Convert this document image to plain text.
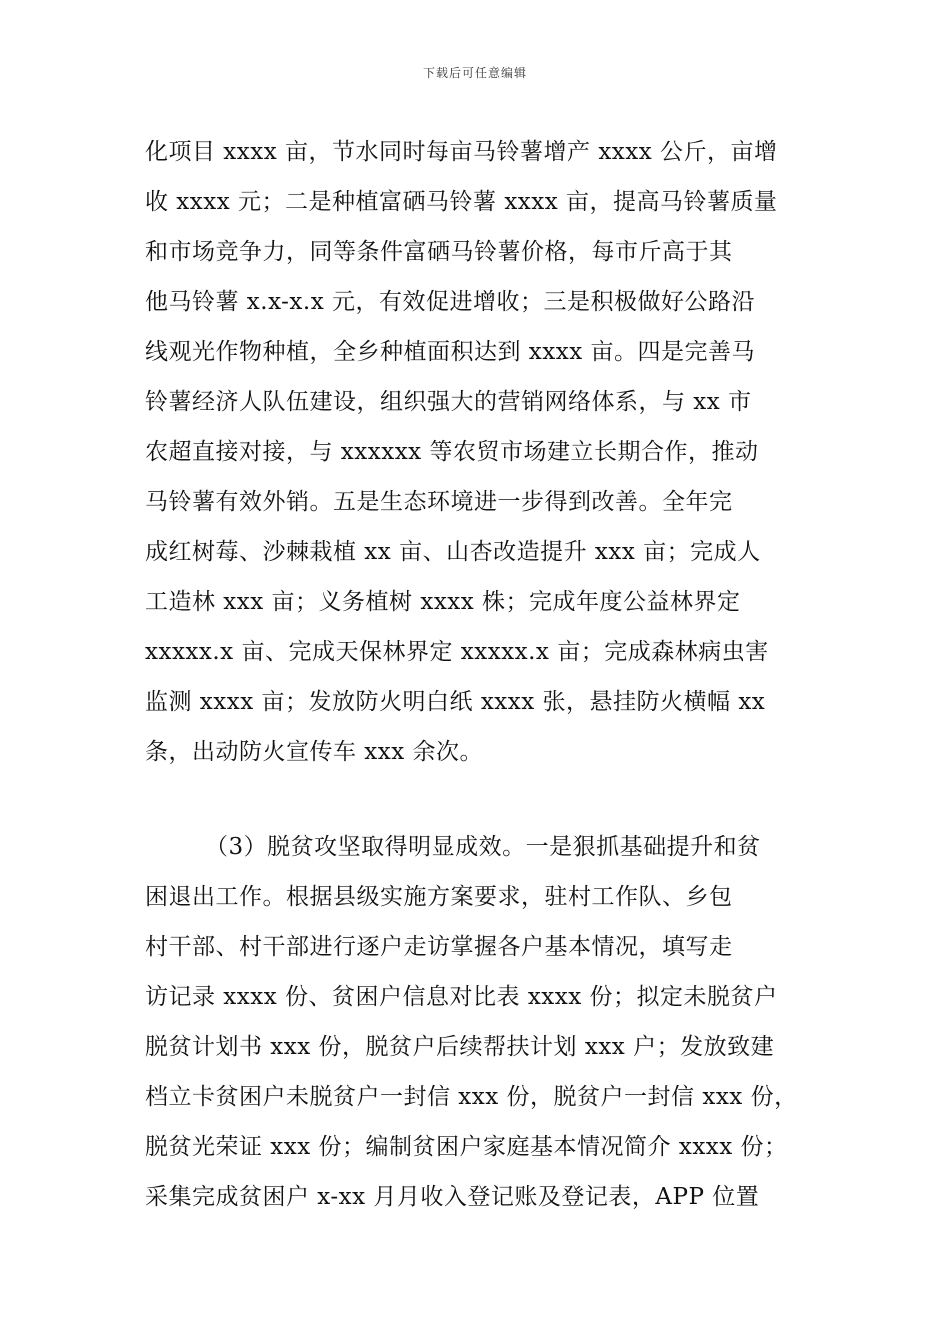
下载后可任意编辑
化项目 xxxx 亩，节水同时每亩马铃薯增产 xxxx 公斤，亩增
收 xxxx 元；二是种植富硒马铃薯 xxxx 亩，提高马铃薯质量
和市场竞争力，同等条件富硒马铃薯价格，每市斤高于其
他马铃薯 x.x-x.x 元，有效促进增收；三是积极做好公路沿
线观光作物种植，全乡种植面积达到 xxxx 亩。四是完善马
铃薯经济人队伍建设，组织强大的营销网络体系，与 xx 市
农超直接对接，与 xxxxxx 等农贸市场建立长期合作，推动
马铃薯有效外销。五是生态环境进一步得到改善。全年完
成红树莓、沙棘栽植 xx 亩、山杏改造提升 xxx 亩；完成人
工造林 xxx 亩；义务植树 xxxx 株；完成年度公益林界定
xxxxx.x 亩、完成天保林界定 xxxxx.x 亩；完成森林病虫害
监测 xxxx 亩；发放防火明白纸 xxxx 张，悬挂防火横幅 xx
条，出动防火宣传车 xxx 余次。
（3）脱贫攻坚取得明显成效。一是狠抓基础提升和贫
困退出工作。根据县级实施方案要求，驻村工作队、乡包
村干部、村干部进行逐户走访掌握各户基本情况，填写走
访记录 xxxx 份、贫困户信息对比表 xxxx 份；拟定未脱贫户
脱贫计划书 xxx 份，脱贫户后续帮扶计划 xxx 户；发放致建
档立卡贫困户未脱贫户一封信 xxx 份，脱贫户一封信 xxx 份，
脱贫光荣证 xxx 份；编制贫困户家庭基本情况简介 xxxx 份；
采集完成贫困户 x-xx 月月收入登记账及登记表，APP 位置
